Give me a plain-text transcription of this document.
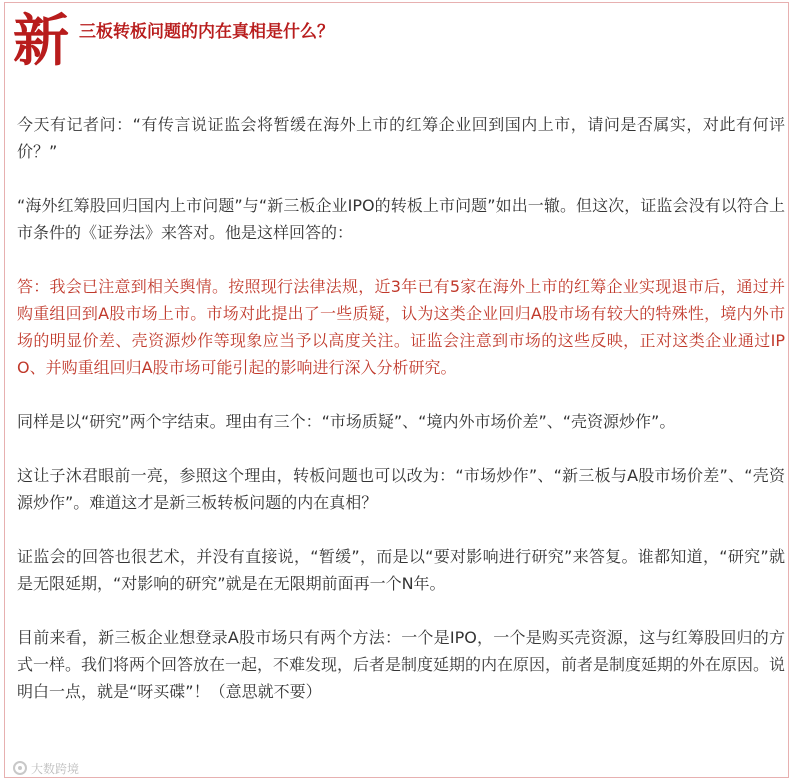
新 三板转板问题的内在真相是什么？

今天有记者问：“有传言说证监会将暂缓在海外上市的红筹企业回到国内上市，请问是否属实，对此有何评价？”

“海外红筹股回归国内上市问题”与“新三板企业IPO的转板上市问题”如出一辙。但这次，证监会没有以符合上市条件的《证券法》来答对。他是这样回答的：

答：我会已注意到相关舆情。按照现行法律法规，近3年已有5家在海外上市的红筹企业实现退市后，通过并购重组回到A股市场上市。市场对此提出了一些质疑，认为这类企业回归A股市场有较大的特殊性，境内外市场的明显价差、壳资源炒作等现象应当予以高度关注。证监会注意到市场的这些反映，正对这类企业通过IPO、并购重组回归A股市场可能引起的影响进行深入分析研究。

同样是以“研究”两个字结束。理由有三个：“市场质疑”、“境内外市场价差”、“壳资源炒作”。

这让子沐君眼前一亮，参照这个理由，转板问题也可以改为：“市场炒作”、“新三板与A股市场价差”、“壳资源炒作”。难道这才是新三板转板问题的内在真相？

证监会的回答也很艺术，并没有直接说，“暂缓”，而是以“要对影响进行研究”来答复。谁都知道，“研究”就是无限延期，“对影响的研究”就是在无限期前面再一个N年。

目前来看，新三板企业想登录A股市场只有两个方法：一个是IPO，一个是购买壳资源，这与红筹股回归的方式一样。我们将两个回答放在一起，不难发现，后者是制度延期的内在原因，前者是制度延期的外在原因。说明白一点，就是“呀买碟”！（意思就不要）

大数跨境
